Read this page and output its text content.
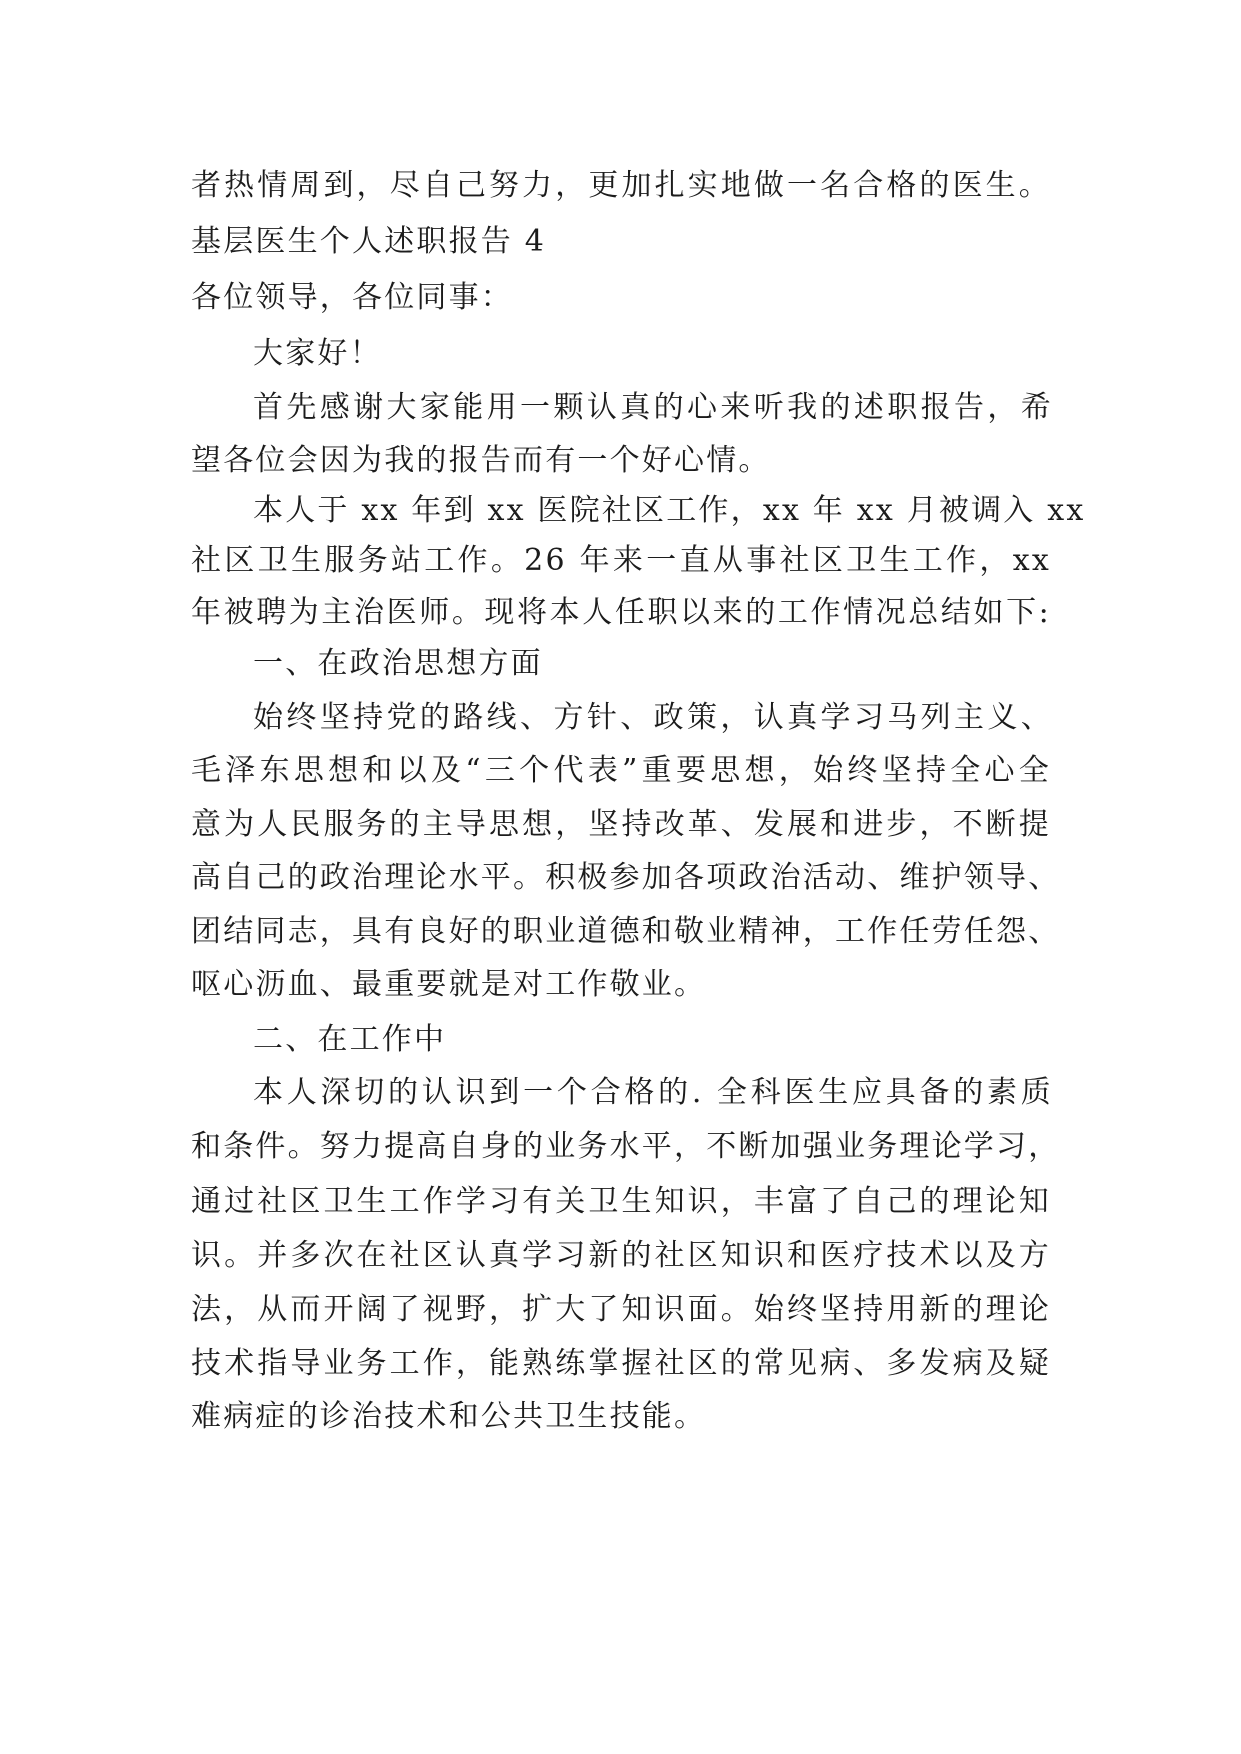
者热情周到，尽自己努力，更加扎实地做一名合格的医生。
基层医生个人述职报告 4
各位领导，各位同事：
大家好！
首先感谢大家能用一颗认真的心来听我的述职报告，希
望各位会因为我的报告而有一个好心情。
本人于 xx 年到 xx 医院社区工作，xx 年 xx 月被调入 xx
社区卫生服务站工作。26 年来一直从事社区卫生工作，xx
年被聘为主治医师。现将本人任职以来的工作情况总结如下:
一、在政治思想方面
始终坚持党的路线、方针、政策，认真学习马列主义、
毛泽东思想和以及“三个代表”重要思想，始终坚持全心全
意为人民服务的主导思想，坚持改革、发展和进步，不断提
高自己的政治理论水平。积极参加各项政治活动、维护领导、
团结同志，具有良好的职业道德和敬业精神，工作任劳任怨、
呕心沥血、最重要就是对工作敬业。
二、在工作中
本人深切的认识到一个合格的. 全科医生应具备的素质
和条件。努力提高自身的业务水平，不断加强业务理论学习，
通过社区卫生工作学习有关卫生知识，丰富了自己的理论知
识。并多次在社区认真学习新的社区知识和医疗技术以及方
法，从而开阔了视野，扩大了知识面。始终坚持用新的理论
技术指导业务工作，能熟练掌握社区的常见病、多发病及疑
难病症的诊治技术和公共卫生技能。
